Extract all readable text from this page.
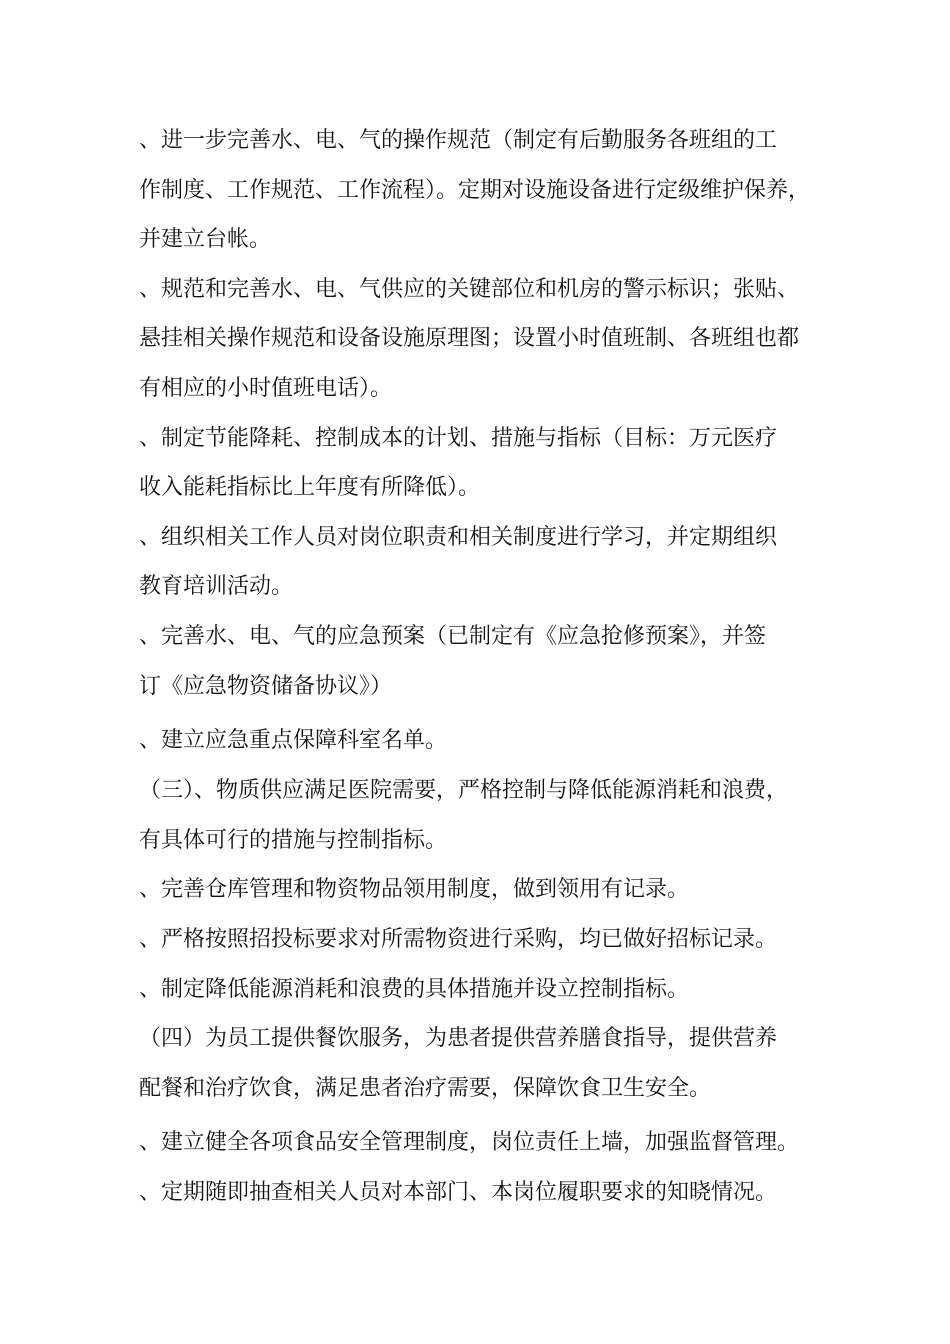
、进一步完善水、电、气的操作规范（制定有后勤服务各班组的工
作制度、工作规范、工作流程）。定期对设施设备进行定级维护保养，
并建立台帐。
、规范和完善水、电、气供应的关键部位和机房的警示标识；张贴、
悬挂相关操作规范和设备设施原理图；设置小时值班制、各班组也都
有相应的小时值班电话）。
、制定节能降耗、控制成本的计划、措施与指标（目标：万元医疗
收入能耗指标比上年度有所降低）。
、组织相关工作人员对岗位职责和相关制度进行学习，并定期组织
教育培训活动。
、完善水、电、气的应急预案（已制定有《应急抢修预案》，并签
订《应急物资储备协议》）
、建立应急重点保障科室名单。
（三）、物质供应满足医院需要，严格控制与降低能源消耗和浪费，
有具体可行的措施与控制指标。
、完善仓库管理和物资物品领用制度，做到领用有记录。
、严格按照招投标要求对所需物资进行采购，均已做好招标记录。
、制定降低能源消耗和浪费的具体措施并设立控制指标。
（四）为员工提供餐饮服务，为患者提供营养膳食指导，提供营养
配餐和治疗饮食，满足患者治疗需要，保障饮食卫生安全。
、建立健全各项食品安全管理制度，岗位责任上墙，加强监督管理。
、定期随即抽查相关人员对本部门、本岗位履职要求的知晓情况。
